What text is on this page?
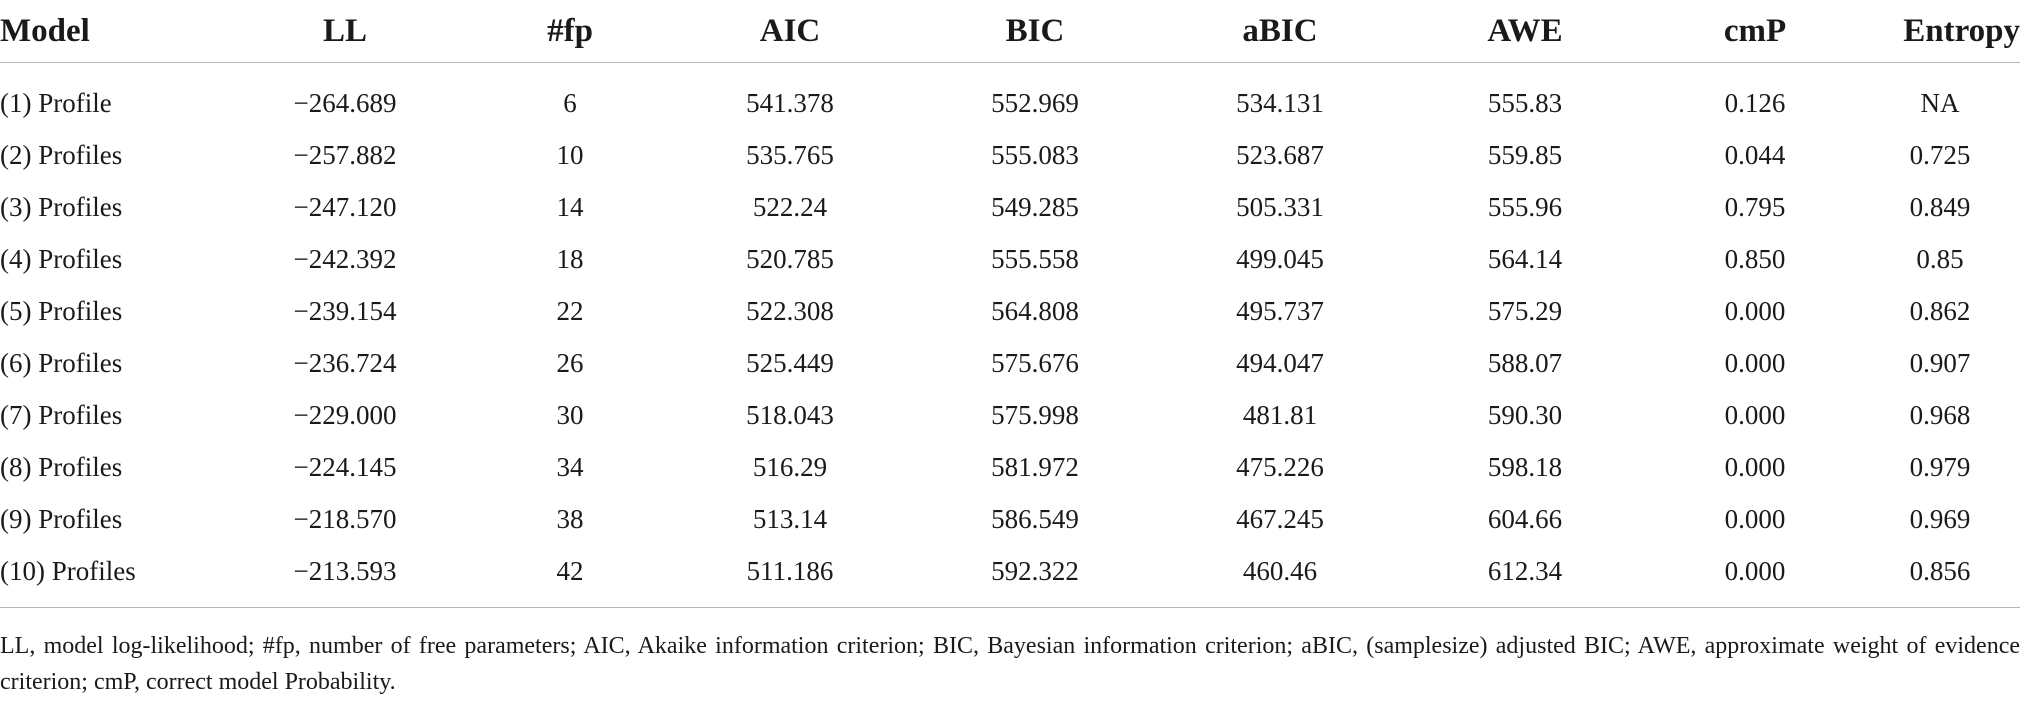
Model	LL	#fp	AIC	BIC	aBIC	AWE	cmP	Entropy
(1) Profile	−264.689	6	541.378	552.969	534.131	555.83	0.126	NA
(2) Profiles	−257.882	10	535.765	555.083	523.687	559.85	0.044	0.725
(3) Profiles	−247.120	14	522.24	549.285	505.331	555.96	0.795	0.849
(4) Profiles	−242.392	18	520.785	555.558	499.045	564.14	0.850	0.85
(5) Profiles	−239.154	22	522.308	564.808	495.737	575.29	0.000	0.862
(6) Profiles	−236.724	26	525.449	575.676	494.047	588.07	0.000	0.907
(7) Profiles	−229.000	30	518.043	575.998	481.81	590.30	0.000	0.968
(8) Profiles	−224.145	34	516.29	581.972	475.226	598.18	0.000	0.979
(9) Profiles	−218.570	38	513.14	586.549	467.245	604.66	0.000	0.969
(10) Profiles	−213.593	42	511.186	592.322	460.46	612.34	0.000	0.856
LL, model log-likelihood; #fp, number of free parameters; AIC, Akaike information criterion; BIC, Bayesian information criterion; aBIC, (samplesize) adjusted BIC; AWE, approximate weight of evidence criterion; cmP, correct model Probability.
